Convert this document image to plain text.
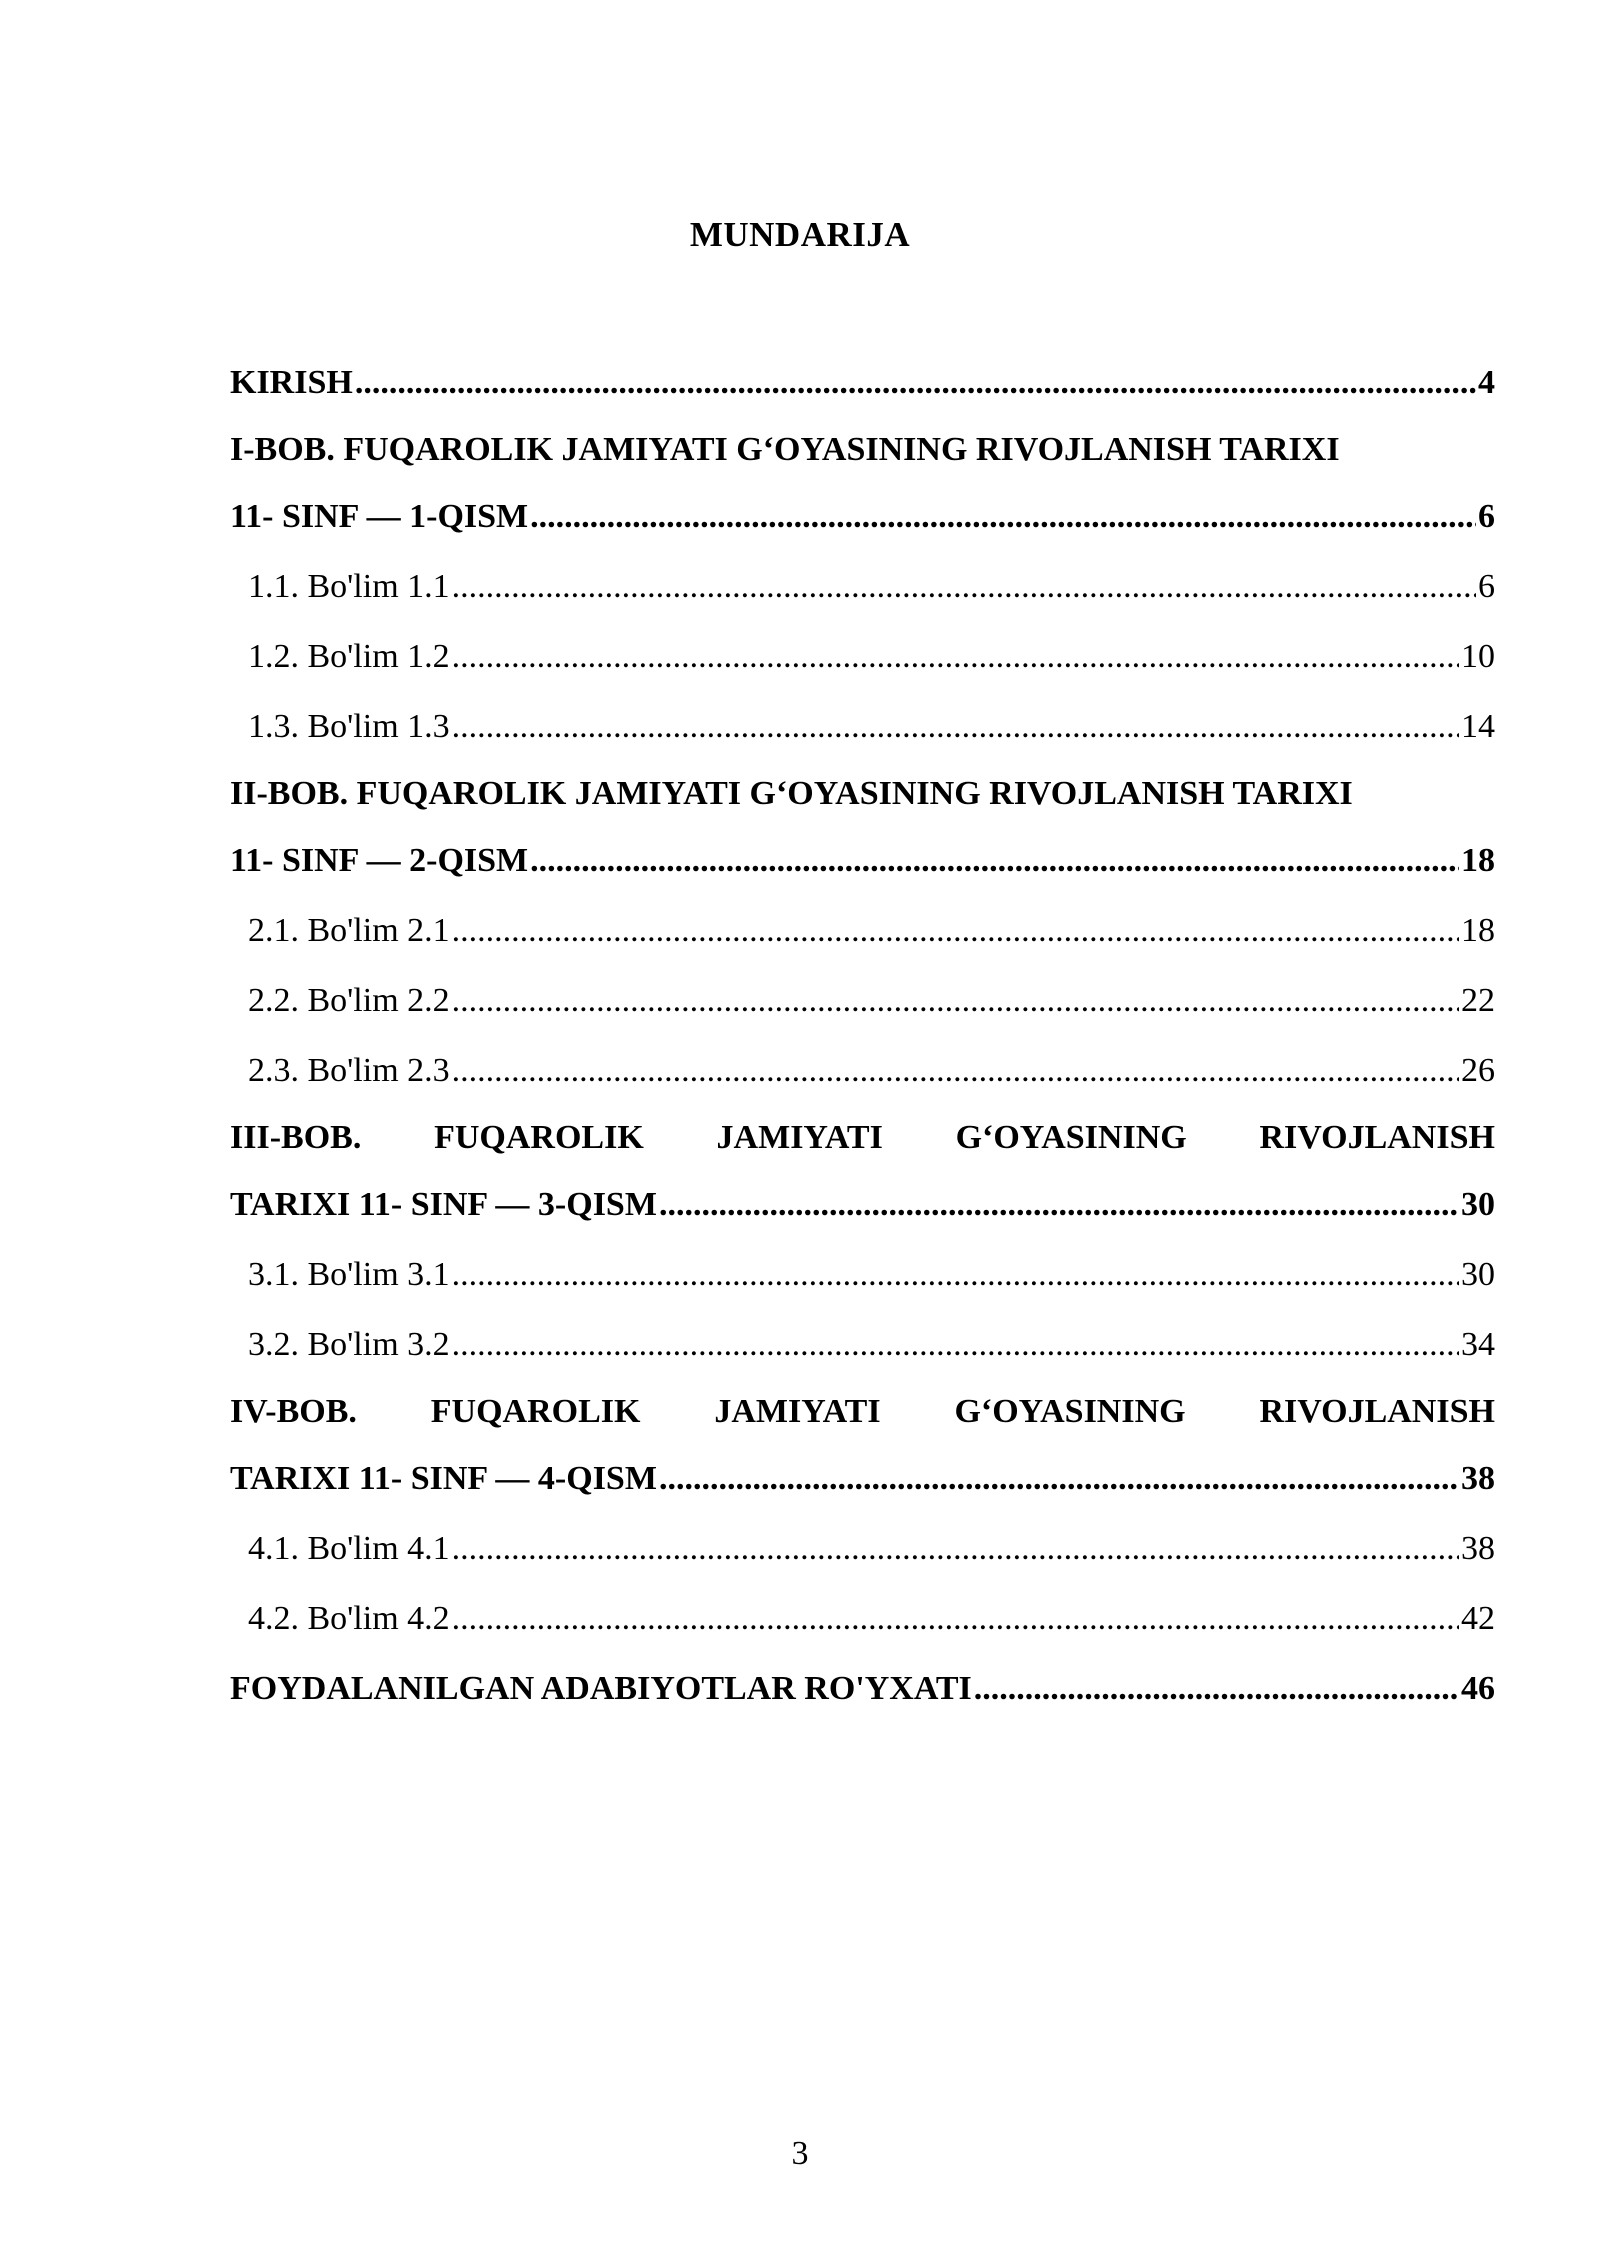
MUNDARIJA
KIRISH .....	4
I-BOB. FUQAROLIK JAMIYATI G‘OYASINING RIVOJLANISH TARIXI
11- SINF — 1-QISM .....	6
1.1. Bo'lim 1.1 .....	6
1.2. Bo'lim 1.2 .....	10
1.3. Bo'lim 1.3 .....	14
II-BOB. FUQAROLIK JAMIYATI G‘OYASINING RIVOJLANISH TARIXI
11- SINF — 2-QISM .....	18
2.1. Bo'lim 2.1 .....	18
2.2. Bo'lim 2.2 .....	22
2.3. Bo'lim 2.3 .....	26
III-BOB. FUQAROLIK JAMIYATI G‘OYASINING RIVOJLANISH
TARIXI 11- SINF — 3-QISM .....	30
3.1. Bo'lim 3.1 .....	30
3.2. Bo'lim 3.2 .....	34
IV-BOB. FUQAROLIK JAMIYATI G‘OYASINING RIVOJLANISH
TARIXI 11- SINF — 4-QISM .....	38
4.1. Bo'lim 4.1 .....	38
4.2. Bo'lim 4.2 .....	42
FOYDALANILGAN ADABIYOTLAR RO'YXATI .....	46
3
